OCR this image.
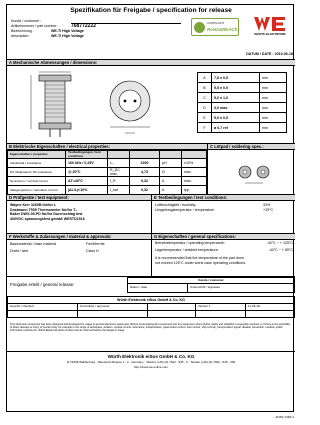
Spezifikation für Freigabe / specification for release
Kunde / customer :
Artikelnummer / part number :	768772222
Bezeichnung :	WE-TI High Voltage
description :	WE-TI High Voltage
COMPLIANT
RoHS&REACh
WÜRTH ELEKTRONIK
DATUM / DATE : 2010-06-18
A Mechanische Abmessungen / dimensions:
A	7,8 ± 0,5	mm
B	9,5 ± 0,5	mm
C	5,0 ± 1,0	mm
D	3,0 max.	mm
E	5,0 ± 0,5	mm
F	ø 0,7 ref	mm
B Elektrische Eigenschaften / electrical properties:	C Lötpad / soldering spec.:
Eigenschaften / properties	Testbedingungen / test conditions				
Induktivität / inductance	100 kHz / 0,25V	L₀	2200	µH	±10%
DC-Widerstand / DC-resistance	@ 20°C	R_DC max.	4,73	Ω	max.
Nennstrom / nominal current	ΔT=40°C	I_R	0,32	A	max.
Sättigungsstrom / saturation current	|ΔL/L|<10%	I_sat	0,32	A	typ.
D Prüfgeräte / test equipment:	E Testbedingungen / test conditions:
Wayne Kerr 3260B für/for L
Dostmann T505 Thermometer für/for T₀
Baker DWX-05-PD für/for Durchschlag test
400VDC spannungsfest gemäß WESTD1516
Luftfeuchtigkeit / humidity	33%
Umgebungstemperatur / temperature	+25°C
F Werkstoffe & Zulassungen / material & approvals:	G Eigenschaften / general specifications:
Basismaterial / base material	Ferrit/ferrite
Draht / wire	Class H
Betriebstemperatur / operating temperature:	-40°C ~ + 125°C
Lagertemperatur / ambient temperature:	-40°C ~ + 85°C
It is recommended that the temperature of the part does
not exceed 125°C under worst case operating conditions.
Freigabe erteilt / general release:
Kunde / customer
Datum / date	Unterschrift / signature
Würth Elektronik eiSos GmbH & Co. KG				
Geprüft / checked	Kontrolliert / approved		Version 1	11-06-18

This electronic component has been designed and developed for usage in general electronic equipment. Before incorporating this component into any equipment where higher safety and reliability is especially required, or if there is the possibility of direct damage or injury to human body, for example in the range of aerospace, aviation, nuclear control, submarine, transportation, (automotive control, train control, ship control), transportation signal, disaster prevention, medical, public information network etc, Würth Elektronik eiSos GmbH must be informed before the design-in stage.
Würth Elektronik eiSos GmbH & Co. KG
D-74638 Waldenburg · Max-Eyth-Strasse 1 - 3 · Germany · Telefon (+49) (0) 7942 - 945 - 0 · Telefax (+49) (0) 7942 - 945 - 400
http://www.we-online.com
ANTE 1/4Rt.1
